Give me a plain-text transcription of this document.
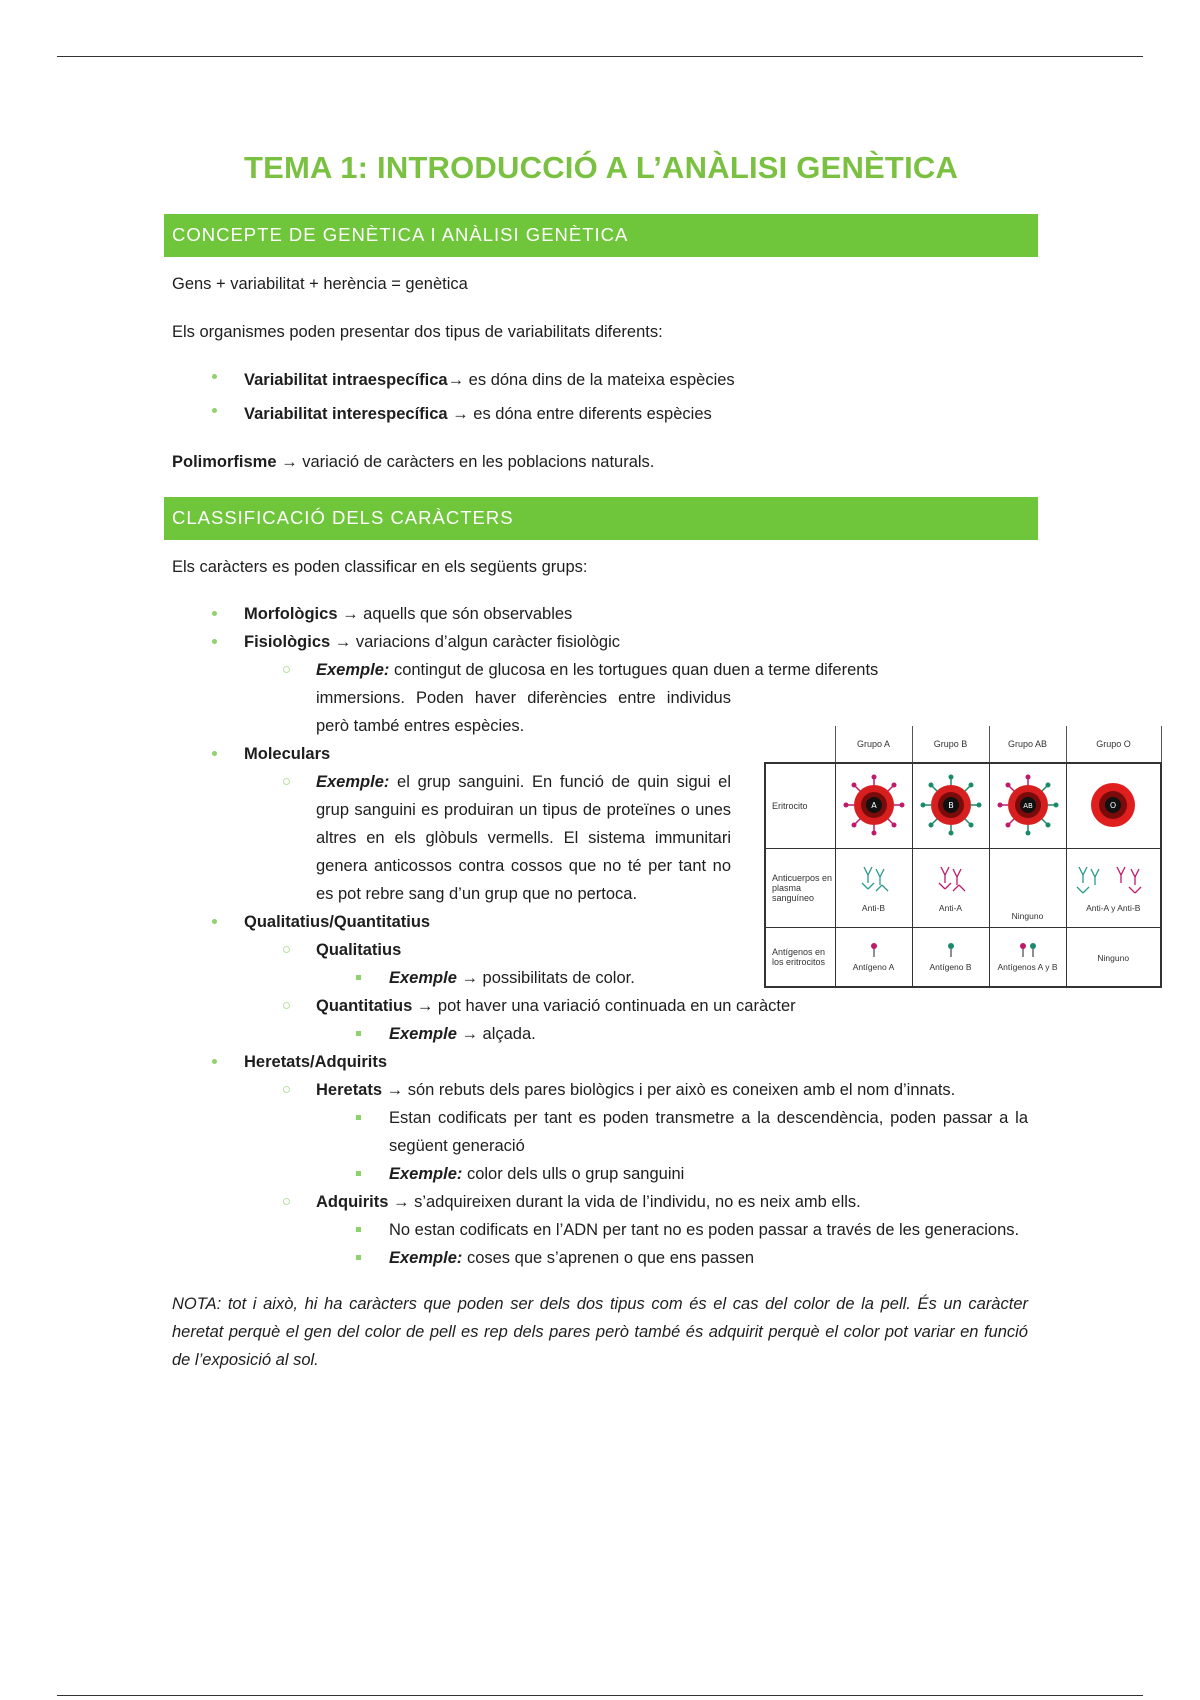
TEMA 1: INTRODUCCIÓ A L’ANÀLISI GENÈTICA
CONCEPTE DE GENÈTICA I ANÀLISI GENÈTICA

Gens + variabilitat + herència = genètica

Els organismes poden presentar dos tipus de variabilitats diferents:

Variabilitat intraespecífica→ es dóna dins de la mateixa espècies
Variabilitat interespecífica → es dóna entre diferents espècies

Polimorfisme → variació de caràcters en les poblacions naturals.

CLASSIFICACIÓ DELS CARÀCTERS

Els caràcters es poden classificar en els següents grups:

Morfològics → aquells que són observables
Fisiològics → variacions d’algun caràcter fisiològic
Exemple: contingut de glucosa en les tortugues quan duen a terme diferents
immersions. Poden haver diferències entre individus però també entres espècies.
Moleculars
Exemple: el grup sanguini. En funció de quin sigui el grup sanguini es produiran un tipus de proteïnes o unes altres en els glòbuls vermells. El sistema immunitari genera anticossos contra cossos que no té per tant no es pot rebre sang d’un grup que no pertoca.
Qualitatius/Quantitatius
Qualitatius
Exemple → possibilitats de color.
Quantitatius → pot haver una variació continuada en un caràcter
Exemple → alçada.
Heretats/Adquirits
Heretats → són rebuts dels pares biològics i per això es coneixen amb el nom d’innats.
Estan codificats per tant es poden transmetre a la descendència, poden passar a la següent generació
Exemple: color dels ulls o grup sanguini
Adquirits → s’adquireixen durant la vida de l’individu, no es neix amb ells.
No estan codificats en l’ADN per tant no es poden passar a través de les generacions.
Exemple: coses que s’aprenen o que ens passen

NOTA: tot i això, hi ha caràcters que poden ser dels dos tipus com és el cas del color de la pell. És un caràcter heretat perquè el gen del color de pell es rep dels pares però també és adquirit perquè el color pot variar en funció de l’exposició al sol.

	Grupo A	Grupo B	Grupo AB	Grupo O
Eritrocito	A	B	AB	O

Anticuerpos en plasma sanguíneo	Anti-B	Anti-A	Ninguno	Anti-A y Anti-B

Antígenos en los eritrocitos	Antígeno A	Antígeno B	Antígenos A y B	Ninguno
